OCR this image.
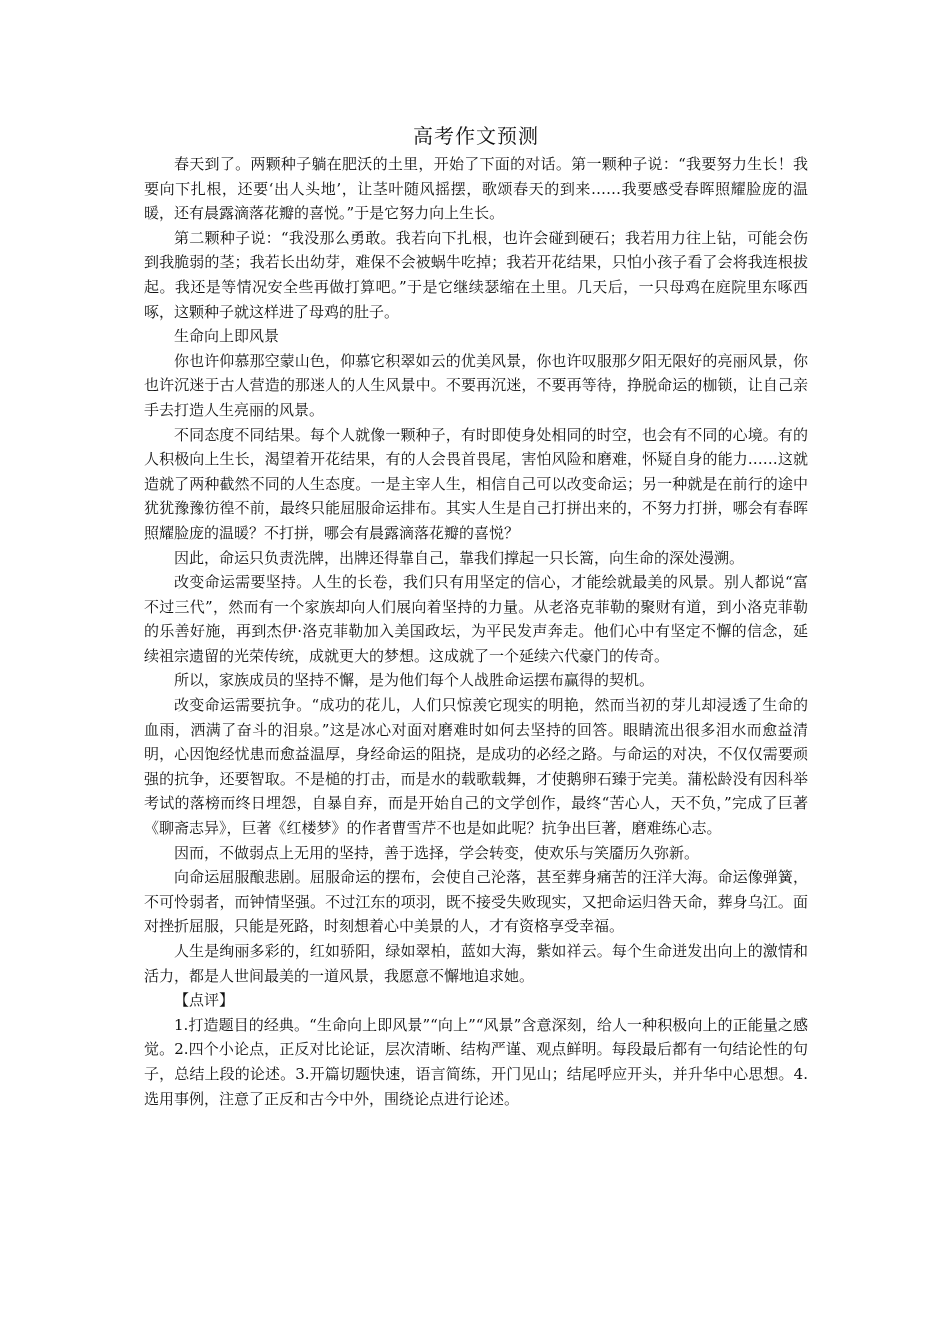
高考作文预测

春天到了。两颗种子躺在肥沃的土里，开始了下面的对话。第一颗种子说：“我要努力生长！我要向下扎根，还要‘出人头地’，让茎叶随风摇摆，歌颂春天的到来……我要感受春晖照耀脸庞的温暖，还有晨露滴落花瓣的喜悦。”于是它努力向上生长。

第二颗种子说：“我没那么勇敢。我若向下扎根，也许会碰到硬石；我若用力往上钻，可能会伤到我脆弱的茎；我若长出幼芽，难保不会被蜗牛吃掉；我若开花结果，只怕小孩子看了会将我连根拔起。我还是等情况安全些再做打算吧。”于是它继续瑟缩在土里。几天后，一只母鸡在庭院里东啄西啄，这颗种子就这样进了母鸡的肚子。

生命向上即风景

你也许仰慕那空蒙山色，仰慕它积翠如云的优美风景，你也许叹服那夕阳无限好的亮丽风景，你也许沉迷于古人营造的那迷人的人生风景中。不要再沉迷，不要再等待，挣脱命运的枷锁，让自己亲手去打造人生亮丽的风景。

不同态度不同结果。每个人就像一颗种子，有时即使身处相同的时空，也会有不同的心境。有的人积极向上生长，渴望着开花结果，有的人会畏首畏尾，害怕风险和磨难，怀疑自身的能力……这就造就了两种截然不同的人生态度。一是主宰人生，相信自己可以改变命运；另一种就是在前行的途中犹犹豫豫彷徨不前，最终只能屈服命运排布。其实人生是自己打拼出来的，不努力打拼，哪会有春晖照耀脸庞的温暖？不打拼，哪会有晨露滴落花瓣的喜悦？

因此，命运只负责洗牌，出牌还得靠自己，靠我们撑起一只长篙，向生命的深处漫溯。

改变命运需要坚持。人生的长卷，我们只有用坚定的信心，才能绘就最美的风景。别人都说“富不过三代”，然而有一个家族却向人们展向着坚持的力量。从老洛克菲勒的聚财有道，到小洛克菲勒的乐善好施，再到杰伊·洛克菲勒加入美国政坛，为平民发声奔走。他们心中有坚定不懈的信念，延续祖宗遗留的光荣传统，成就更大的梦想。这成就了一个延续六代豪门的传奇。

所以，家族成员的坚持不懈，是为他们每个人战胜命运摆布赢得的契机。

改变命运需要抗争。“成功的花儿，人们只惊羡它现实的明艳，然而当初的芽儿却浸透了生命的血雨，洒满了奋斗的泪泉。”这是冰心对面对磨难时如何去坚持的回答。眼睛流出很多泪水而愈益清明，心因饱经忧患而愈益温厚，身经命运的阻挠，是成功的必经之路。与命运的对决，不仅仅需要顽强的抗争，还要智取。不是槌的打击，而是水的载歌载舞，才使鹅卵石臻于完美。蒲松龄没有因科举考试的落榜而终日埋怨，自暴自弃，而是开始自己的文学创作，最终“苦心人，天不负，”完成了巨著《聊斋志异》，巨著《红楼梦》的作者曹雪芹不也是如此呢？抗争出巨著，磨难练心志。

因而，不做弱点上无用的坚持，善于选择，学会转变，使欢乐与笑靥历久弥新。

向命运屈服酿悲剧。屈服命运的摆布，会使自己沦落，甚至葬身痛苦的汪洋大海。命运像弹簧，不可怜弱者，而钟情坚强。不过江东的项羽，既不接受失败现实，又把命运归咎天命，葬身乌江。面对挫折屈服，只能是死路，时刻想着心中美景的人，才有资格享受幸福。

人生是绚丽多彩的，红如骄阳，绿如翠柏，蓝如大海，紫如祥云。每个生命迸发出向上的激情和活力，都是人世间最美的一道风景，我愿意不懈地追求她。

【点评】

1.打造题目的经典。“生命向上即风景”“向上”“风景”含意深刻，给人一种积极向上的正能量之感觉。2.四个小论点，正反对比论证，层次清晰、结构严谨、观点鲜明。每段最后都有一句结论性的句子，总结上段的论述。3.开篇切题快速，语言简练，开门见山；结尾呼应开头，并升华中心思想。4.选用事例，注意了正反和古今中外，围绕论点进行论述。
